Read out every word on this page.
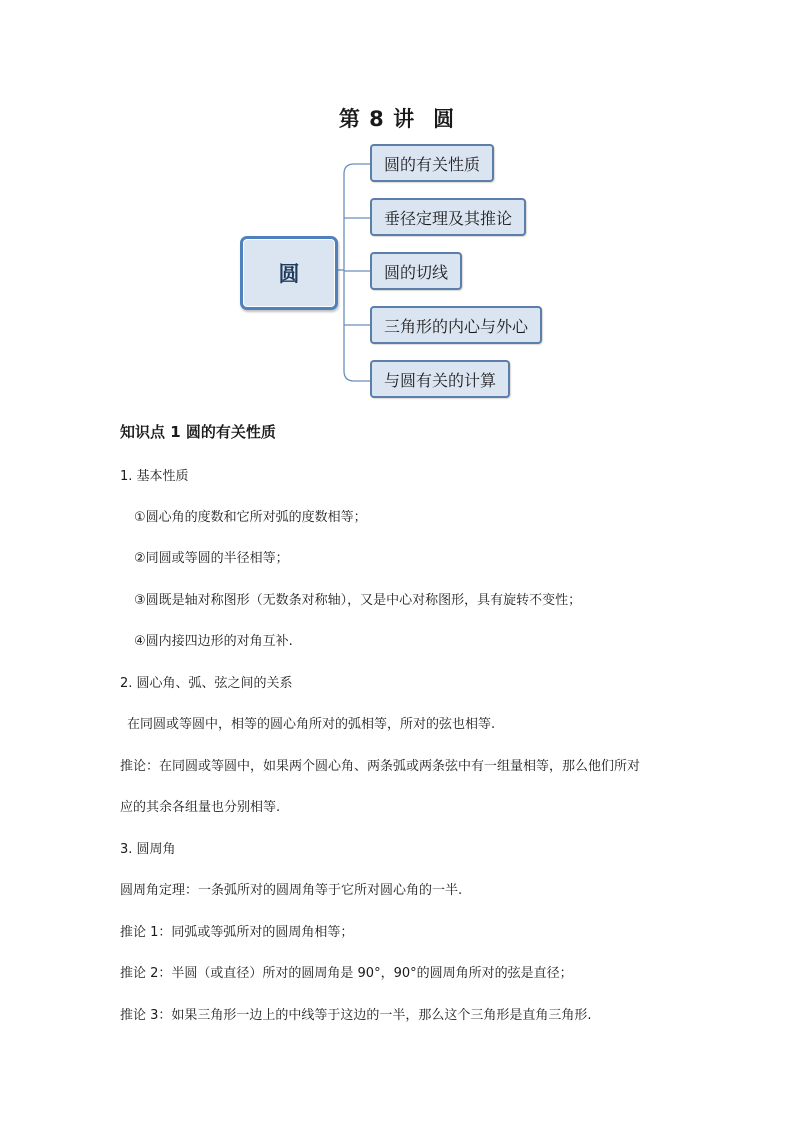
第 8 讲 圆
圆
圆的有关性质
垂径定理及其推论
圆的切线
三角形的内心与外心
与圆有关的计算
知识点 1 圆的有关性质
1. 基本性质
①圆心角的度数和它所对弧的度数相等；
②同圆或等圆的半径相等；
③圆既是轴对称图形（无数条对称轴），又是中心对称图形，具有旋转不变性；
④圆内接四边形的对角互补.
2. 圆心角、弧、弦之间的关系
在同圆或等圆中，相等的圆心角所对的弧相等，所对的弦也相等.
推论：在同圆或等圆中，如果两个圆心角、两条弧或两条弦中有一组量相等，那么他们所对
应的其余各组量也分别相等.
3. 圆周角
圆周角定理：一条弧所对的圆周角等于它所对圆心角的一半.
推论 1：同弧或等弧所对的圆周角相等；
推论 2：半圆（或直径）所对的圆周角是 90°，90°的圆周角所对的弦是直径；
推论 3：如果三角形一边上的中线等于这边的一半，那么这个三角形是直角三角形.
